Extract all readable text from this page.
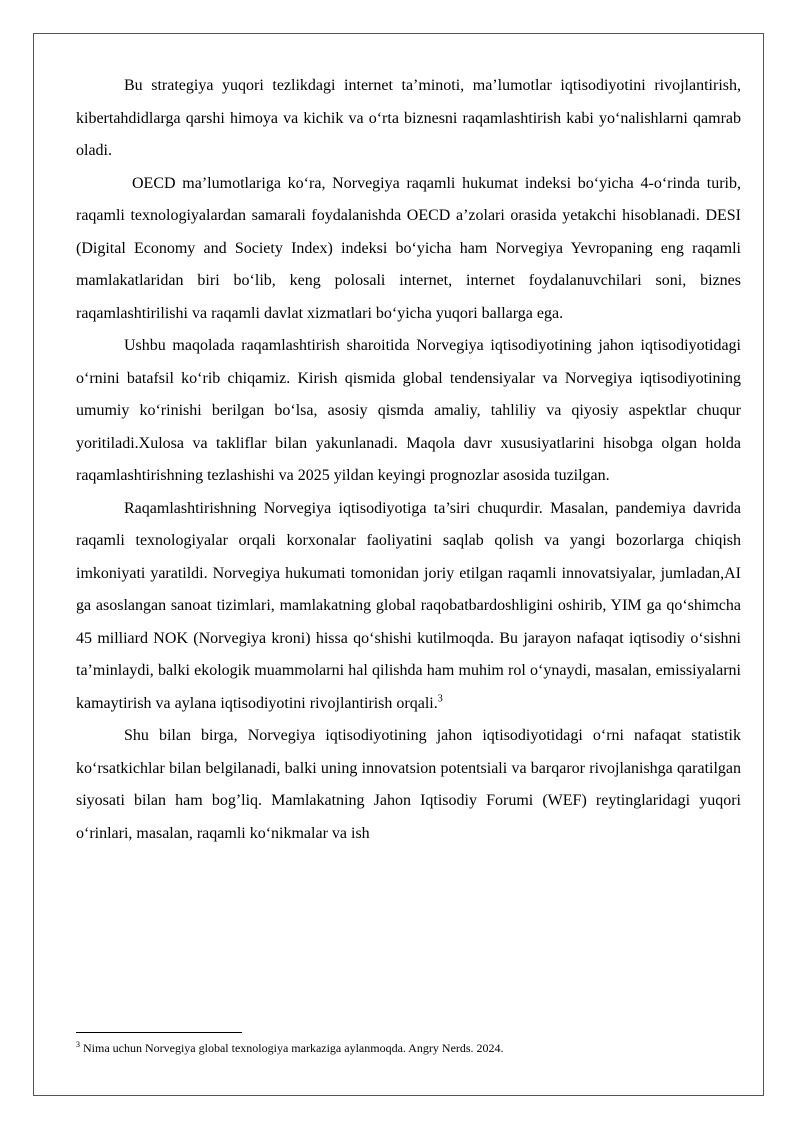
Bu strategiya yuqori tezlikdagi internet ta’minoti, ma’lumotlar iqtisodiyotini rivojlantirish, kibertahdidlarga qarshi himoya va kichik va o‘rta biznesni raqamlashtirish kabi yo‘nalishlarni qamrab oladi.

OECD ma’lumotlariga ko‘ra, Norvegiya raqamli hukumat indeksi bo‘yicha 4-o‘rinda turib, raqamli texnologiyalardan samarali foydalanishda OECD a’zolari orasida yetakchi hisoblanadi. DESI (Digital Economy and Society Index) indeksi bo‘yicha ham Norvegiya Yevropaning eng raqamli mamlakatlaridan biri bo‘lib, keng polosali internet, internet foydalanuvchilari soni, biznes raqamlashtirilishi va raqamli davlat xizmatlari bo‘yicha yuqori ballarga ega.

Ushbu maqolada raqamlashtirish sharoitida Norvegiya iqtisodiyotining jahon iqtisodiyotidagi o‘rnini batafsil ko‘rib chiqamiz. Kirish qismida global tendensiyalar va Norvegiya iqtisodiyotining umumiy ko‘rinishi berilgan bo‘lsa, asosiy qismda amaliy, tahliliy va qiyosiy aspektlar chuqur yoritiladi.Xulosa va takliflar bilan yakunlanadi. Maqola davr xususiyatlarini hisobga olgan holda raqamlashtirishning tezlashishi va 2025 yildan keyingi prognozlar asosida tuzilgan.

Raqamlashtirishning Norvegiya iqtisodiyotiga ta’siri chuqurdir. Masalan, pandemiya davrida raqamli texnologiyalar orqali korxonalar faoliyatini saqlab qolish va yangi bozorlarga chiqish imkoniyati yaratildi. Norvegiya hukumati tomonidan joriy etilgan raqamli innovatsiyalar, jumladan,AI ga asoslangan sanoat tizimlari, mamlakatning global raqobatbardoshligini oshirib, YIM ga qo‘shimcha 45 milliard NOK (Norvegiya kroni) hissa qo‘shishi kutilmoqda. Bu jarayon nafaqat iqtisodiy o‘sishni ta’minlaydi, balki ekologik muammolarni hal qilishda ham muhim rol o‘ynaydi, masalan, emissiyalarni kamaytirish va aylana iqtisodiyotini rivojlantirish orqali.$^3$

Shu bilan birga, Norvegiya iqtisodiyotining jahon iqtisodiyotidagi o‘rni nafaqat statistik ko‘rsatkichlar bilan belgilanadi, balki uning innovatsion potentsiali va barqaror rivojlanishga qaratilgan siyosati bilan ham bog’liq. Mamlakatning Jahon Iqtisodiy Forumi (WEF) reytinglaridagi yuqori o‘rinlari, masalan, raqamli ko‘nikmalar va ish

$^3$ Nima uchun Norvegiya global texnologiya markaziga aylanmoqda. Angry Nerds. 2024.
